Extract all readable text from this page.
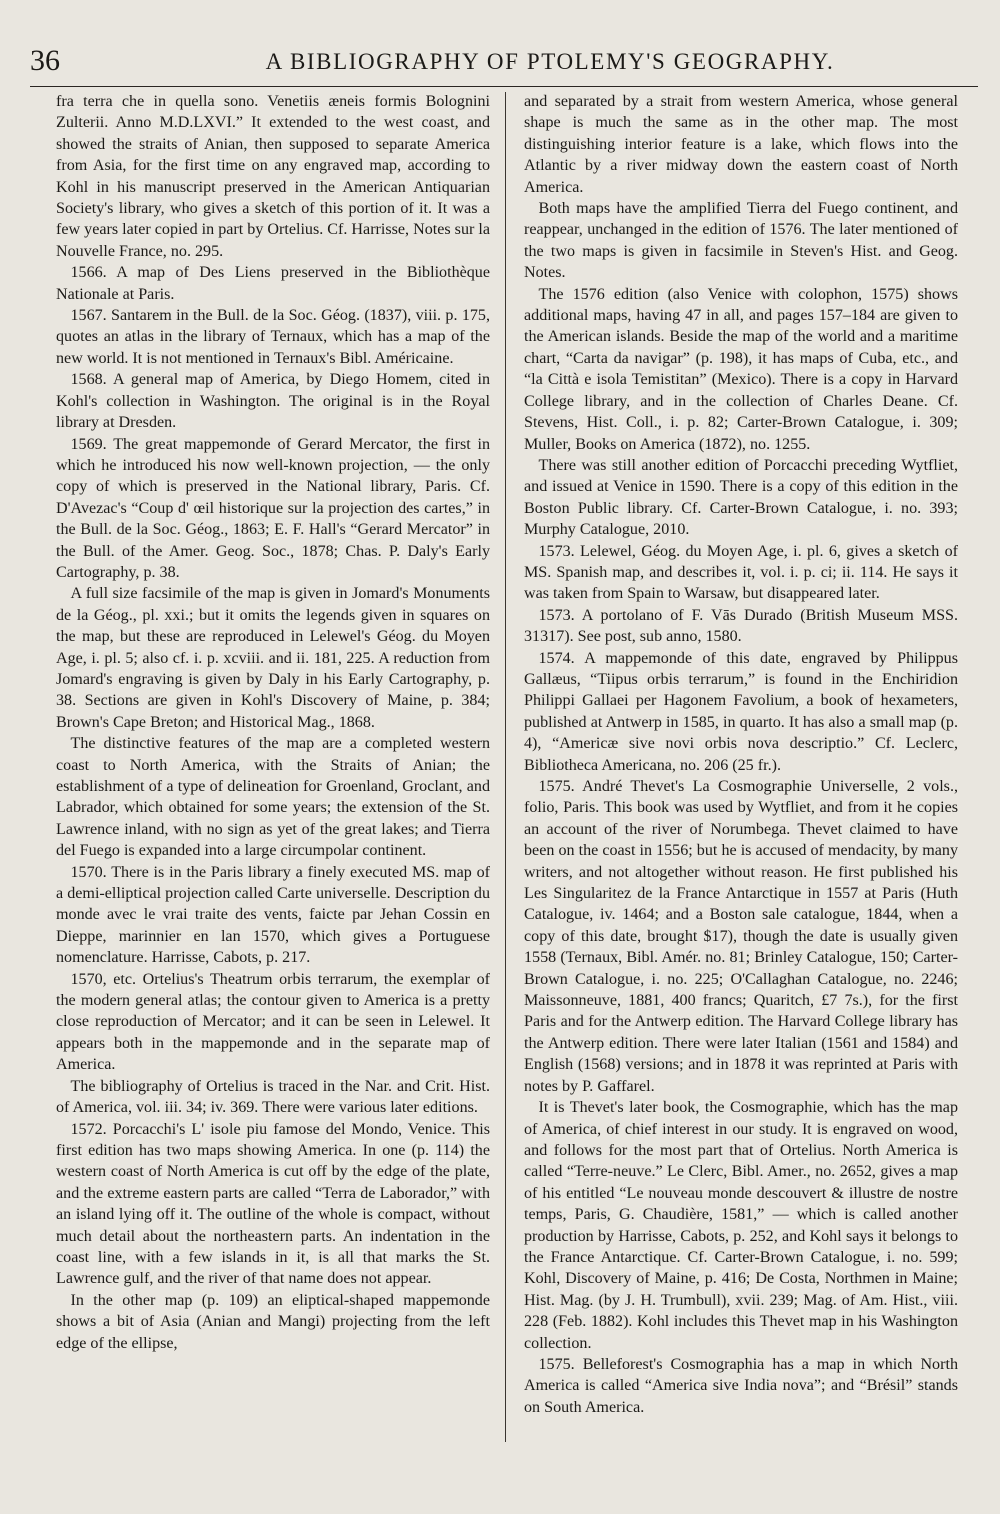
36	A BIBLIOGRAPHY OF PTOLEMY'S GEOGRAPHY.

fra terra che in quella sono. Venetiis æneis formis Bolognini Zulterii. Anno M.D.LXVI.” It extended to the west coast, and showed the straits of Anian, then supposed to separate America from Asia, for the first time on any engraved map, according to Kohl in his manuscript preserved in the American Antiquarian Society's library, who gives a sketch of this portion of it. It was a few years later copied in part by Ortelius. Cf. Harrisse, Notes sur la Nouvelle France, no. 295.

1566. A map of Des Liens preserved in the Bibliothèque Nationale at Paris.

1567. Santarem in the Bull. de la Soc. Géog. (1837), viii. p. 175, quotes an atlas in the library of Ternaux, which has a map of the new world. It is not mentioned in Ternaux's Bibl. Américaine.

1568. A general map of America, by Diego Homem, cited in Kohl's collection in Washington. The original is in the Royal library at Dresden.

1569. The great mappemonde of Gerard Mercator, the first in which he introduced his now well-known projection, — the only copy of which is preserved in the National library, Paris. Cf. D'Avezac's “Coup d' œil historique sur la projection des cartes,” in the Bull. de la Soc. Géog., 1863; E. F. Hall's “Gerard Mercator” in the Bull. of the Amer. Geog. Soc., 1878; Chas. P. Daly's Early Cartography, p. 38.

A full size facsimile of the map is given in Jomard's Monuments de la Géog., pl. xxi.; but it omits the legends given in squares on the map, but these are reproduced in Lelewel's Géog. du Moyen Age, i. pl. 5; also cf. i. p. xcviii. and ii. 181, 225. A reduction from Jomard's engraving is given by Daly in his Early Cartography, p. 38. Sections are given in Kohl's Discovery of Maine, p. 384; Brown's Cape Breton; and Historical Mag., 1868.

The distinctive features of the map are a completed western coast to North America, with the Straits of Anian; the establishment of a type of delineation for Groenland, Groclant, and Labrador, which obtained for some years; the extension of the St. Lawrence inland, with no sign as yet of the great lakes; and Tierra del Fuego is expanded into a large circumpolar continent.

1570. There is in the Paris library a finely executed MS. map of a demi-elliptical projection called Carte universelle. Description du monde avec le vrai traite des vents, faicte par Jehan Cossin en Dieppe, marinnier en lan 1570, which gives a Portuguese nomenclature. Harrisse, Cabots, p. 217.

1570, etc. Ortelius's Theatrum orbis terrarum, the exemplar of the modern general atlas; the contour given to America is a pretty close reproduction of Mercator; and it can be seen in Lelewel. It appears both in the mappemonde and in the separate map of America.

The bibliography of Ortelius is traced in the Nar. and Crit. Hist. of America, vol. iii. 34; iv. 369. There were various later editions.

1572. Porcacchi's L' isole piu famose del Mondo, Venice. This first edition has two maps showing America. In one (p. 114) the western coast of North America is cut off by the edge of the plate, and the extreme eastern parts are called “Terra de Laborador,” with an island lying off it. The outline of the whole is compact, without much detail about the northeastern parts. An indentation in the coast line, with a few islands in it, is all that marks the St. Lawrence gulf, and the river of that name does not appear.

In the other map (p. 109) an eliptical-shaped mappemonde shows a bit of Asia (Anian and Mangi) projecting from the left edge of the ellipse,

and separated by a strait from western America, whose general shape is much the same as in the other map. The most distinguishing interior feature is a lake, which flows into the Atlantic by a river midway down the eastern coast of North America.

Both maps have the amplified Tierra del Fuego continent, and reappear, unchanged in the edition of 1576. The later mentioned of the two maps is given in facsimile in Steven's Hist. and Geog. Notes.

The 1576 edition (also Venice with colophon, 1575) shows additional maps, having 47 in all, and pages 157–184 are given to the American islands. Beside the map of the world and a maritime chart, “Carta da navigar” (p. 198), it has maps of Cuba, etc., and “la Città e isola Temistitan” (Mexico). There is a copy in Harvard College library, and in the collection of Charles Deane. Cf. Stevens, Hist. Coll., i. p. 82; Carter-Brown Catalogue, i. 309; Muller, Books on America (1872), no. 1255.

There was still another edition of Porcacchi preceding Wytfliet, and issued at Venice in 1590. There is a copy of this edition in the Boston Public library. Cf. Carter-Brown Catalogue, i. no. 393; Murphy Catalogue, 2010.

1573. Lelewel, Géog. du Moyen Age, i. pl. 6, gives a sketch of MS. Spanish map, and describes it, vol. i. p. ci; ii. 114. He says it was taken from Spain to Warsaw, but disappeared later.

1573. A portolano of F. Vās Durado (British Museum MSS. 31317). See post, sub anno, 1580.

1574. A mappemonde of this date, engraved by Philippus Gallæus, “Tiipus orbis terrarum,” is found in the Enchiridion Philippi Gallaei per Hagonem Favolium, a book of hexameters, published at Antwerp in 1585, in quarto. It has also a small map (p. 4), “Americæ sive novi orbis nova descriptio.” Cf. Leclerc, Bibliotheca Americana, no. 206 (25 fr.).

1575. André Thevet's La Cosmographie Universelle, 2 vols., folio, Paris. This book was used by Wytfliet, and from it he copies an account of the river of Norumbega. Thevet claimed to have been on the coast in 1556; but he is accused of mendacity, by many writers, and not altogether without reason. He first published his Les Singularitez de la France Antarctique in 1557 at Paris (Huth Catalogue, iv. 1464; and a Boston sale catalogue, 1844, when a copy of this date, brought $17), though the date is usually given 1558 (Ternaux, Bibl. Amér. no. 81; Brinley Catalogue, 150; Carter-Brown Catalogue, i. no. 225; O'Callaghan Catalogue, no. 2246; Maissonneuve, 1881, 400 francs; Quaritch, £7 7s.), for the first Paris and for the Antwerp edition. The Harvard College library has the Antwerp edition. There were later Italian (1561 and 1584) and English (1568) versions; and in 1878 it was reprinted at Paris with notes by P. Gaffarel.

It is Thevet's later book, the Cosmographie, which has the map of America, of chief interest in our study. It is engraved on wood, and follows for the most part that of Ortelius. North America is called “Terre-neuve.” Le Clerc, Bibl. Amer., no. 2652, gives a map of his entitled “Le nouveau monde descouvert & illustre de nostre temps, Paris, G. Chaudière, 1581,” — which is called another production by Harrisse, Cabots, p. 252, and Kohl says it belongs to the France Antarctique. Cf. Carter-Brown Catalogue, i. no. 599; Kohl, Discovery of Maine, p. 416; De Costa, Northmen in Maine; Hist. Mag. (by J. H. Trumbull), xvii. 239; Mag. of Am. Hist., viii. 228 (Feb. 1882). Kohl includes this Thevet map in his Washington collection.

1575. Belleforest's Cosmographia has a map in which North America is called “America sive India nova”; and “Brésil” stands on South America.
